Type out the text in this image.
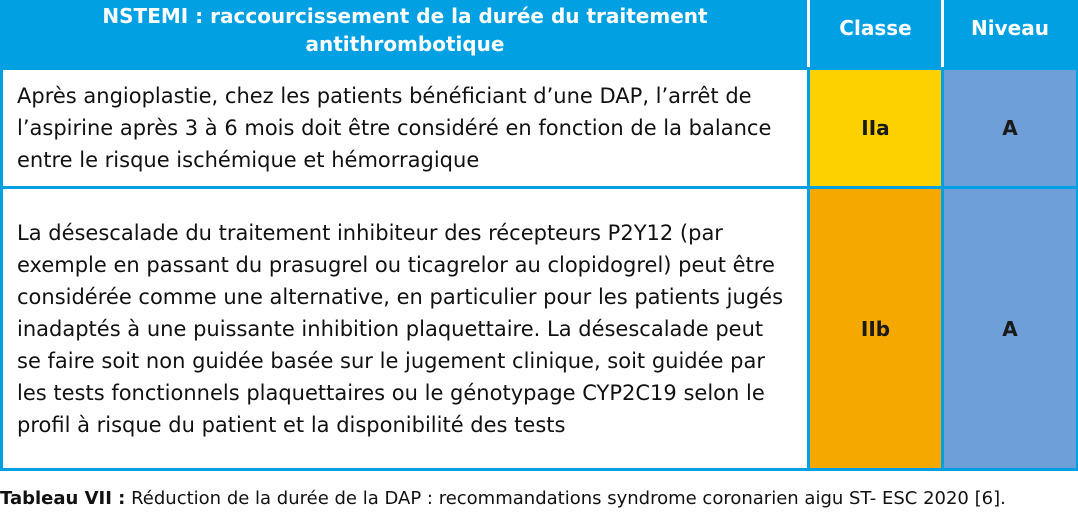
NSTEMI : raccourcissement de la durée du traitement
antithrombotique	Classe	Niveau
Après angioplastie, chez les patients bénéficiant d’une DAP, l’arrêt de l’aspirine après 3 à 6 mois doit être considéré en fonction de la balance entre le risque ischémique et hémorragique	IIa	A
La désescalade du traitement inhibiteur des récepteurs P2Y12 (par exemple en passant du prasugrel ou ticagrelor au clopidogrel) peut être considérée comme une alternative, en particulier pour les patients jugés inadaptés à une puissante inhibition plaquettaire. La désescalade peut se faire soit non guidée basée sur le jugement clinique, soit guidée par les tests fonctionnels plaquettaires ou le génotypage CYP2C19 selon le profil à risque du patient et la disponibilité des tests	IIb	A
Tableau VII : Réduction de la durée de la DAP : recommandations syndrome coronarien aigu ST- ESC 2020 [6].
